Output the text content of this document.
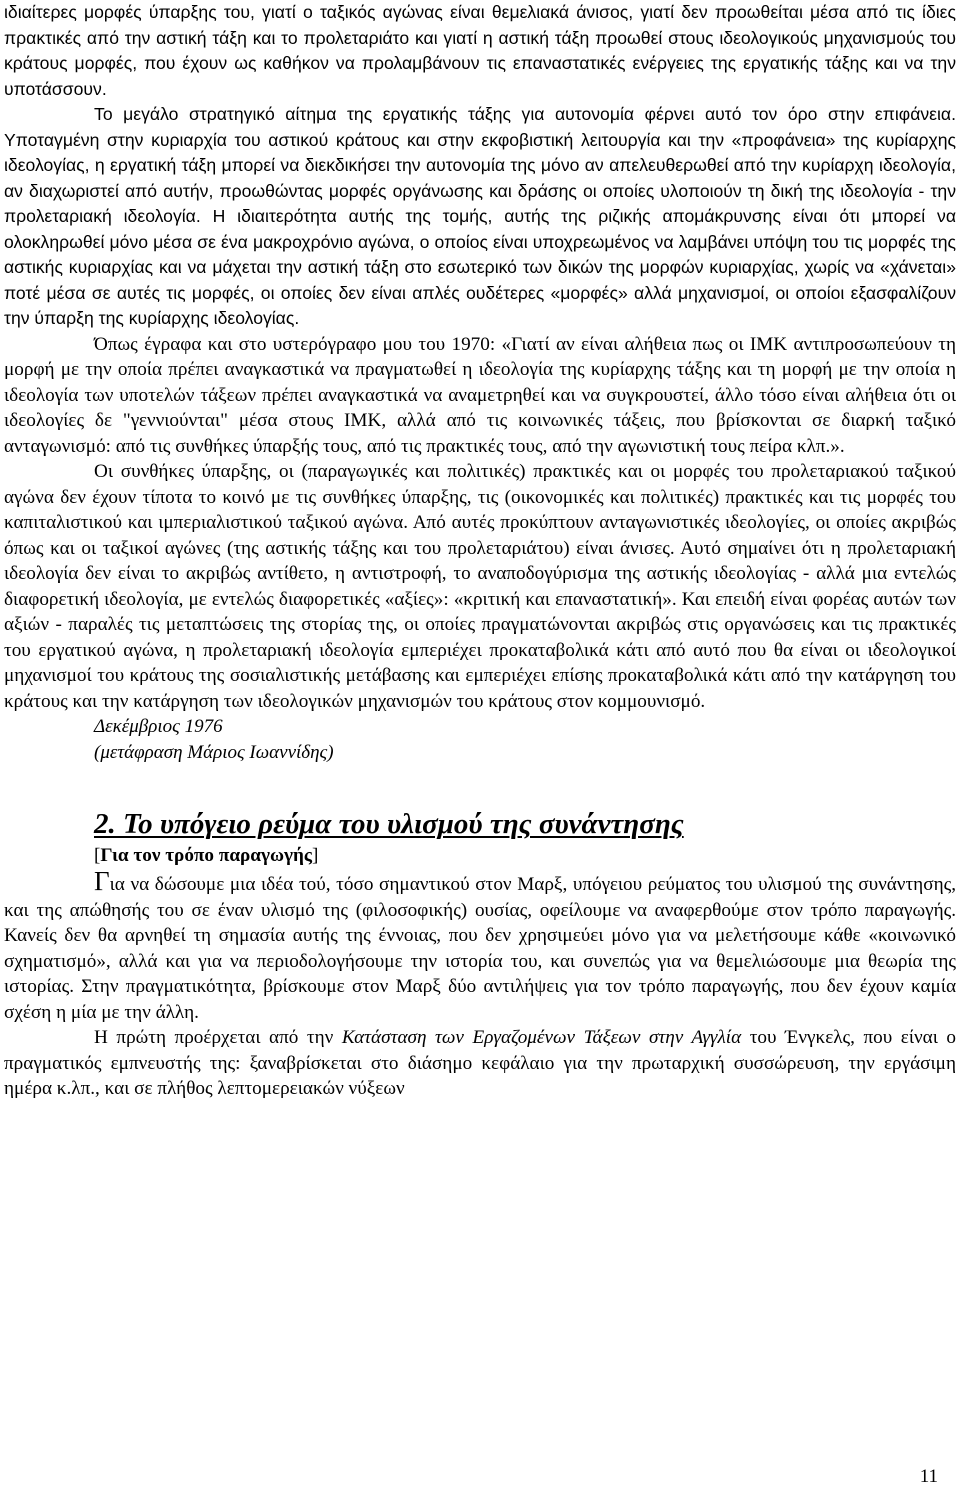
ιδιαίτερες μορφές ύπαρξης του, γιατί ο ταξικός αγώνας είναι θεμελιακά άνισος, γιατί δεν προωθείται μέσα από τις ίδιες πρακτικές από την αστική τάξη και το προλεταριάτο και γιατί η αστική τάξη προωθεί στους ιδεολογικούς μηχανισμούς του κράτους μορφές, που έχουν ως καθήκον να προλαμβάνουν τις επαναστατικές ενέργειες της εργατικής τάξης και να την υποτάσσουν.

Το μεγάλο στρατηγικό αίτημα της εργατικής τάξης για αυτονομία φέρνει αυτό τον όρο στην επιφάνεια. Υποταγμένη στην κυριαρχία του αστικού κράτους και στην εκφοβιστική λειτουργία και την «προφάνεια» της κυρίαρχης ιδεολογίας, η εργατική τάξη μπορεί να διεκδικήσει την αυτονομία της μόνο αν απελευθερωθεί από την κυρίαρχη ιδεολογία, αν διαχωριστεί από αυτήν, προωθώντας μορφές οργάνωσης και δράσης οι οποίες υλοποιούν τη δική της ιδεολογία - την προλεταριακή ιδεολογία. Η ιδιαιτερότητα αυτής της τομής, αυτής της ριζικής απομάκρυνσης είναι ότι μπορεί να ολοκληρωθεί μόνο μέσα σε ένα μακροχρόνιο αγώνα, ο οποίος είναι υποχρεωμένος να λαμβάνει υπόψη του τις μορφές της αστικής κυριαρχίας και να μάχεται την αστική τάξη στο εσωτερικό των δικών της μορφών κυριαρχίας, χωρίς να «χάνεται» ποτέ μέσα σε αυτές τις μορφές, οι οποίες δεν είναι απλές ουδέτερες «μορφές» αλλά μηχανισμοί, οι οποίοι εξασφαλίζουν την ύπαρξη της κυρίαρχης ιδεολογίας.

Όπως έγραφα και στο υστερόγραφο μου του 1970: «Γιατί αν είναι αλήθεια πως οι ΙΜΚ αντιπροσωπεύουν τη μορφή με την οποία πρέπει αναγκαστικά να πραγματωθεί η ιδεολογία της κυρίαρχης τάξης και τη μορφή με την οποία η ιδεολογία των υποτελών τάξεων πρέπει αναγκαστικά να αναμετρηθεί και να συγκρουστεί, άλλο τόσο είναι αλήθεια ότι οι ιδεολογίες δε "γεννιούνται" μέσα στους ΙΜΚ, αλλά από τις κοινωνικές τάξεις, που βρίσκονται σε διαρκή ταξικό ανταγωνισμό: από τις συνθήκες ύπαρξής τους, από τις πρακτικές τους, από την αγωνιστική τους πείρα κλπ.».

Οι συνθήκες ύπαρξης, οι (παραγωγικές και πολιτικές) πρακτικές και οι μορφές του προλεταριακού ταξικού αγώνα δεν έχουν τίποτα το κοινό με τις συνθήκες ύπαρξης, τις (οικονομικές και πολιτικές) πρακτικές και τις μορφές του καπιταλιστικού και ιμπεριαλιστικού ταξικού αγώνα. Από αυτές προκύπτουν ανταγωνιστικές ιδεολογίες, οι οποίες ακριβώς όπως και οι ταξικοί αγώνες (της αστικής τάξης και του προλεταριάτου) είναι άνισες. Αυτό σημαίνει ότι η προλεταριακή ιδεολογία δεν είναι το ακριβώς αντίθετο, η αντιστροφή, το αναποδογύρισμα της αστικής ιδεολογίας - αλλά μια εντελώς διαφορετική ιδεολογία, με εντελώς διαφορετικές «αξίες»: «κριτική και επαναστατική». Και επειδή είναι φορέας αυτών των αξιών - παραλές τις μεταπτώσεις της στορίας της, οι οποίες πραγματώνονται ακριβώς στις οργανώσεις και τις πρακτικές του εργατικού αγώνα, η προλεταριακή ιδεολογία εμπεριέχει προκαταβολικά κάτι από αυτό που θα είναι οι ιδεολογικοί μηχανισμοί του κράτους της σοσιαλιστικής μετάβασης και εμπεριέχει επίσης προκαταβολικά κάτι από την κατάργηση του κράτους και την κατάργηση των ιδεολογικών μηχανισμών του κράτους στον κομμουνισμό.

Δεκέμβριος 1976

(μετάφραση Μάριος Ιωαννίδης)

2. Το υπόγειο ρεύμα του υλισμού της συνάντησης

[Για τον τρόπο παραγωγής]

Για να δώσουμε μια ιδέα τού, τόσο σημαντικού στον Μαρξ, υπόγειου ρεύματος του υλισμού της συνάντησης, και της απώθησής του σε έναν υλισμό της (φιλοσοφικής) ουσίας, οφείλουμε να αναφερθούμε στον τρόπο παραγωγής. Κανείς δεν θα αρνηθεί τη σημασία αυτής της έννοιας, που δεν χρησιμεύει μόνο για να μελετήσουμε κάθε «κοινωνικό σχηματισμό», αλλά και για να περιοδολογήσουμε την ιστορία του, και συνεπώς για να θεμελιώσουμε μια θεωρία της ιστορίας. Στην πραγματικότητα, βρίσκουμε στον Μαρξ δύο αντιλήψεις για τον τρόπο παραγωγής, που δεν έχουν καμία σχέση η μία με την άλλη.

Η πρώτη προέρχεται από την Κατάσταση των Εργαζομένων Τάξεων στην Αγγλία του Ένγκελς, που είναι ο πραγματικός εμπνευστής της: ξαναβρίσκεται στο διάσημο κεφάλαιο για την πρωταρχική συσσώρευση, την εργάσιμη ημέρα κ.λπ., και σε πλήθος λεπτομερειακών νύξεων

11
